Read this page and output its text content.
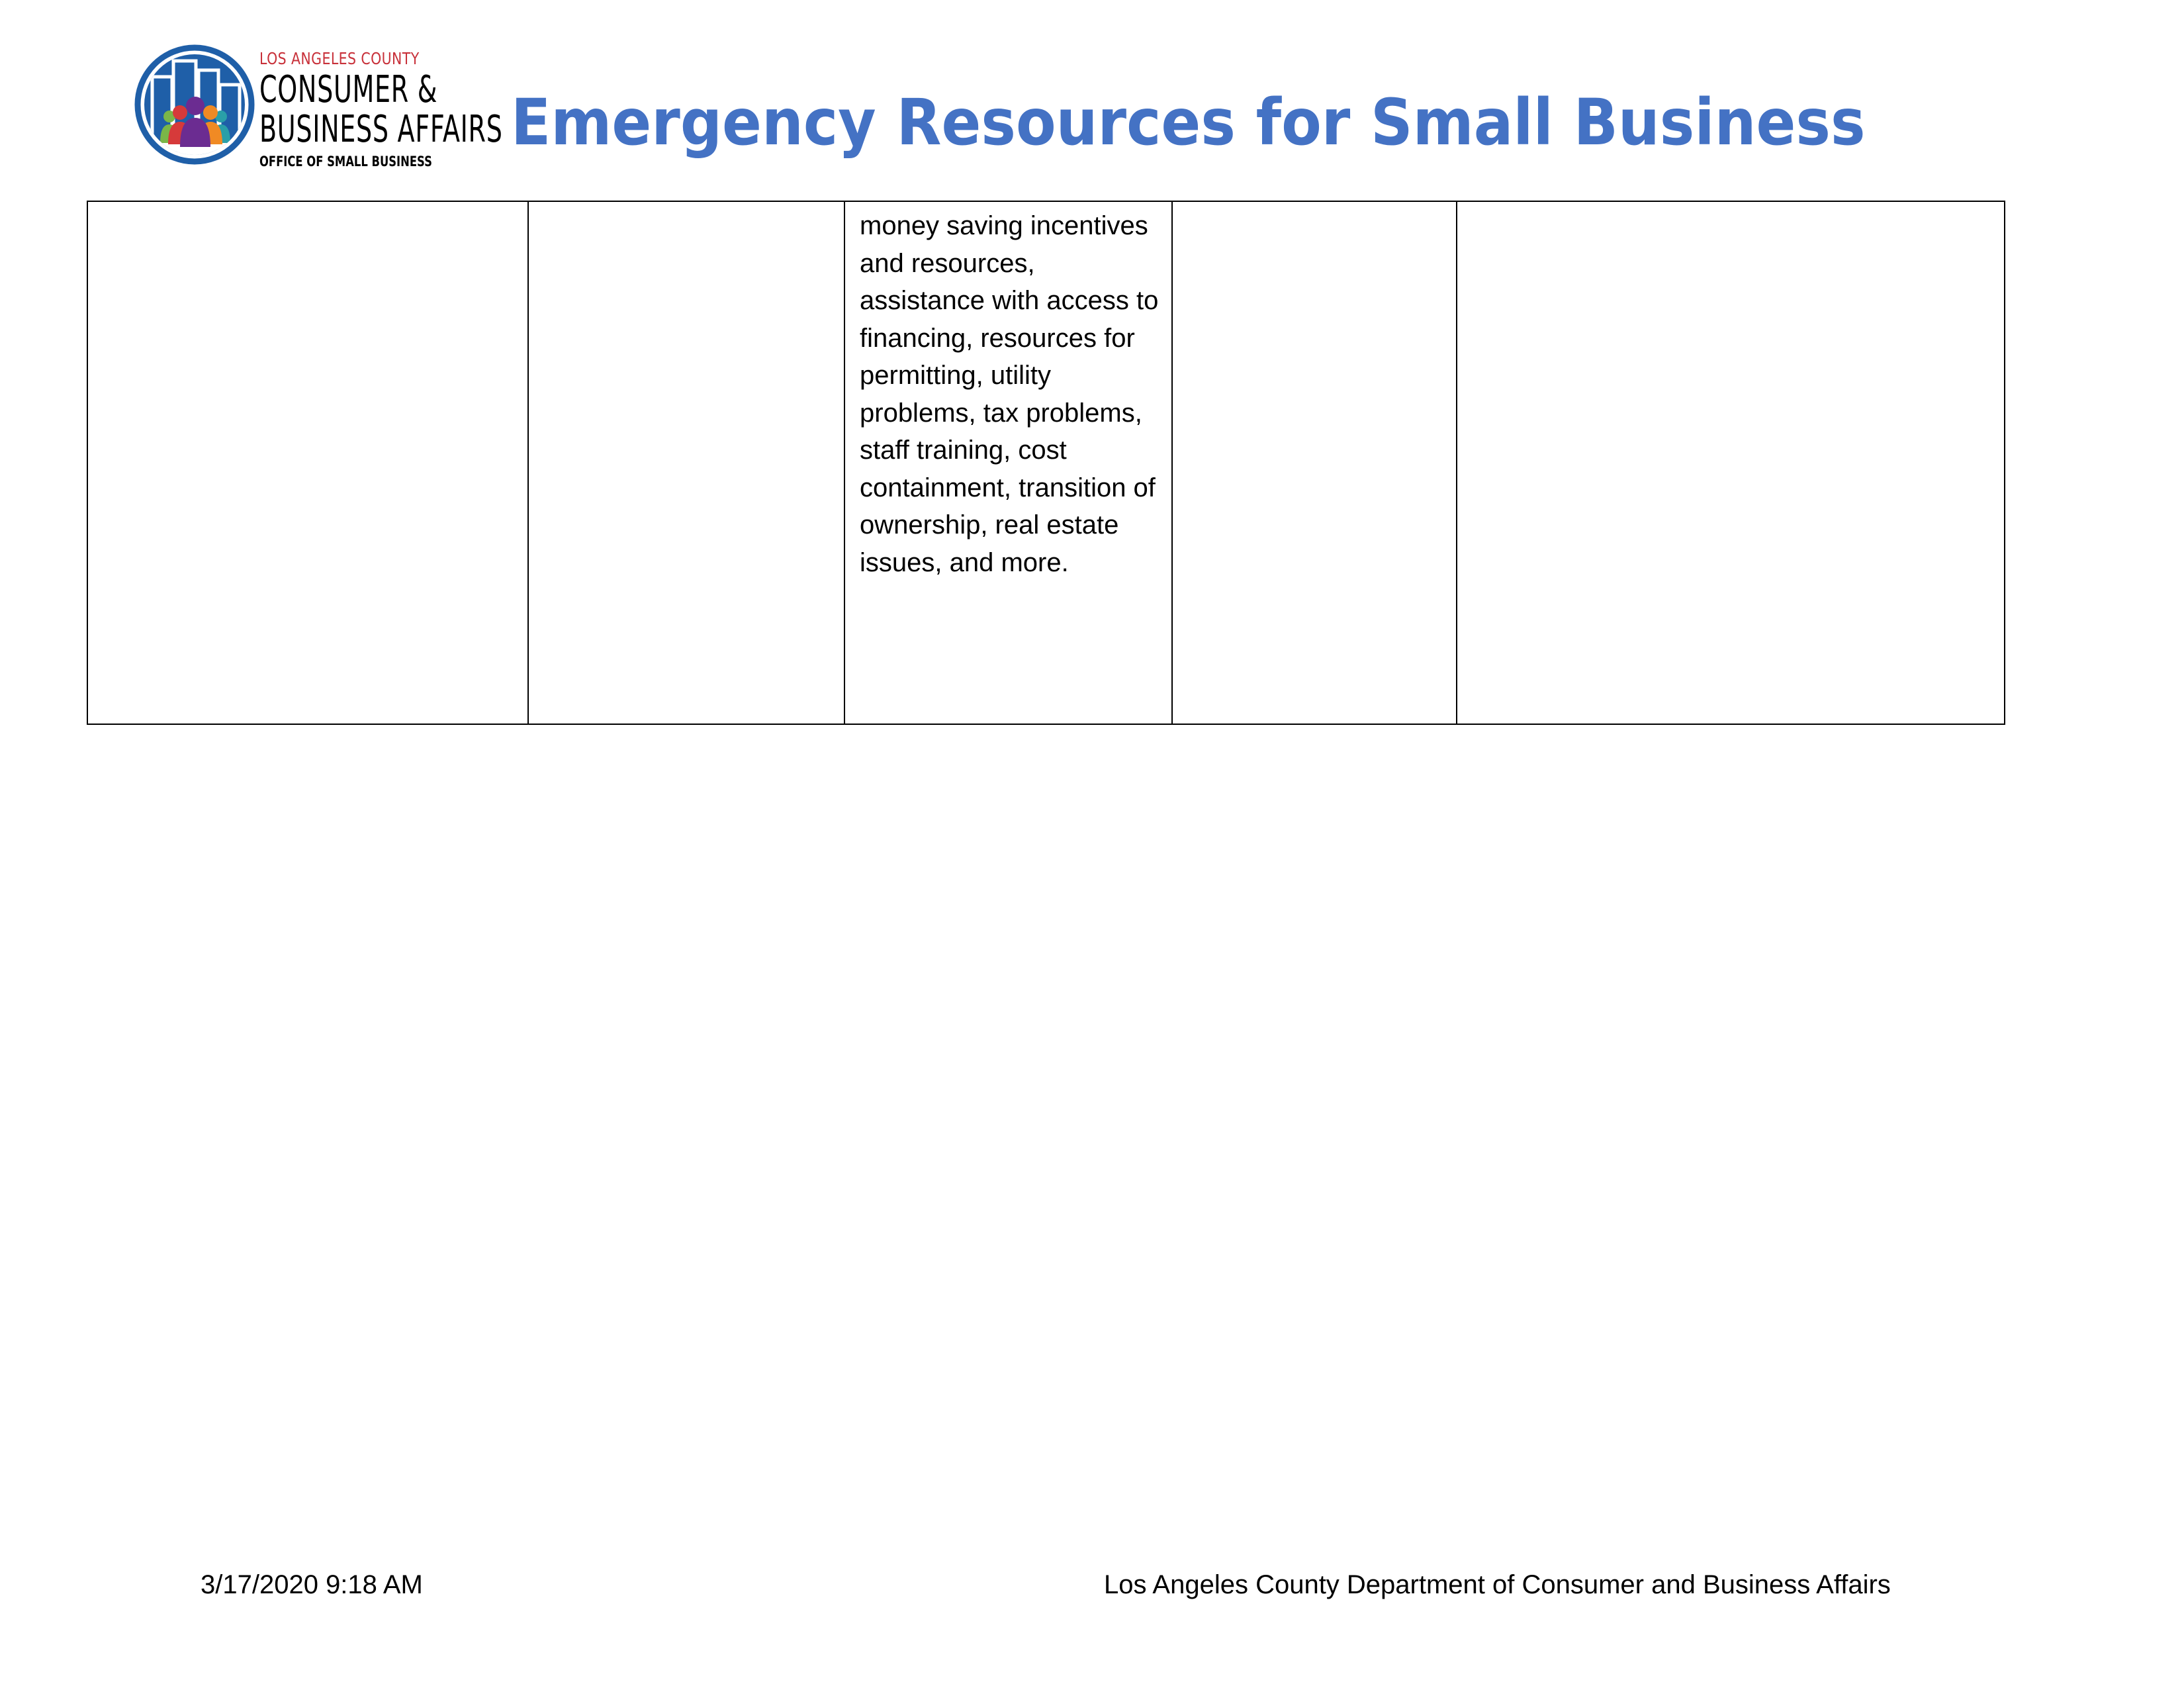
LOS ANGELES COUNTY
CONSUMER &
BUSINESS AFFAIRS
OFFICE OF SMALL BUSINESS
Emergency Resources for Small Business

money saving incentives and resources, assistance with access to financing, resources for permitting, utility problems, tax problems, staff training, cost containment, transition of ownership, real estate issues, and more.

3/17/2020 9:18 AM	Los Angeles County Department of Consumer and Business Affairs
